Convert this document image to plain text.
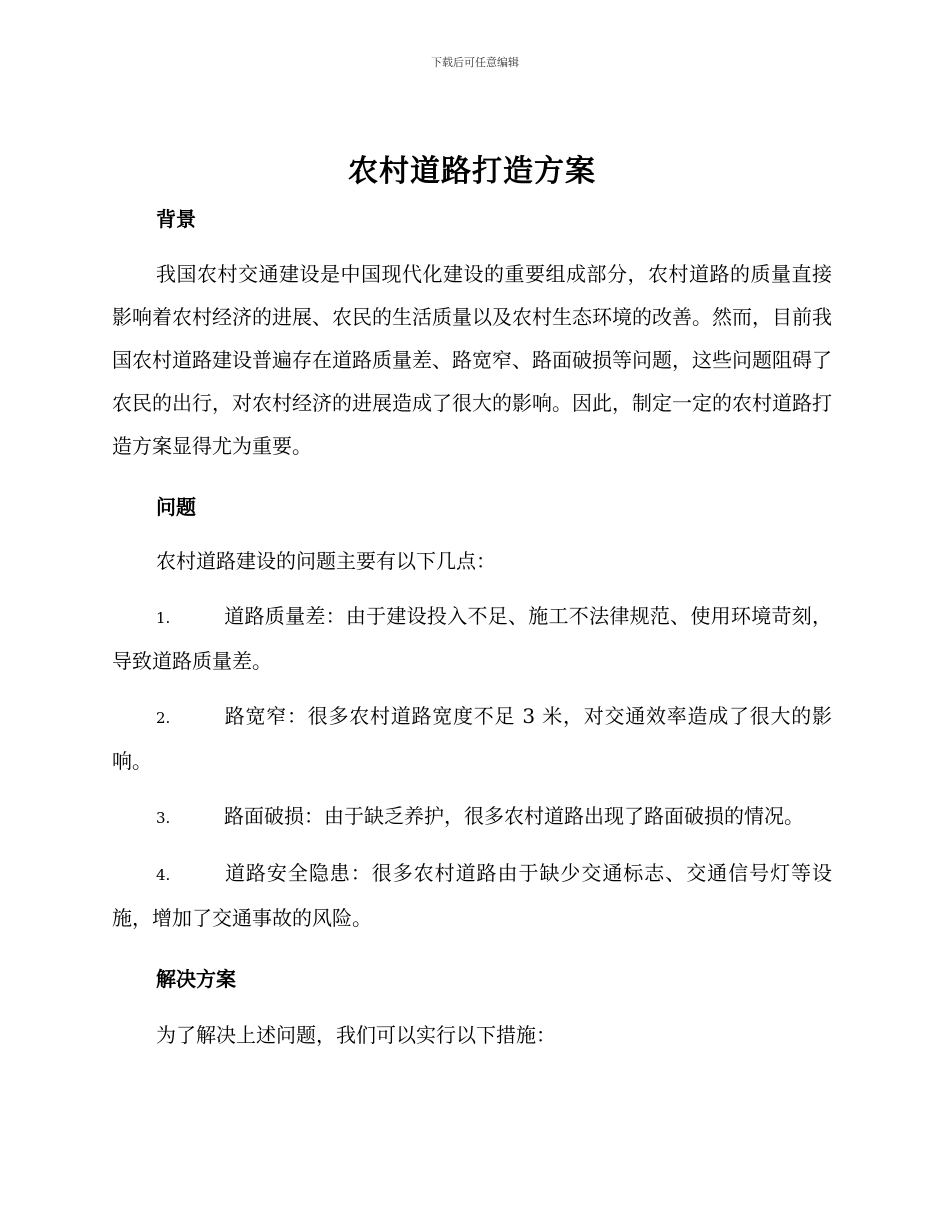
下载后可任意编辑
农村道路打造方案
背景

我国农村交通建设是中国现代化建设的重要组成部分，农村道路的质量直接影响着农村经济的进展、农民的生活质量以及农村生态环境的改善。然而，目前我国农村道路建设普遍存在道路质量差、路宽窄、路面破损等问题，这些问题阻碍了农民的出行，对农村经济的进展造成了很大的影响。因此，制定一定的农村道路打造方案显得尤为重要。

问题

农村道路建设的问题主要有以下几点：

1.	道路质量差：由于建设投入不足、施工不法律规范、使用环境苛刻，导致道路质量差。

2.	路宽窄：很多农村道路宽度不足 3 米，对交通效率造成了很大的影响。

3.	路面破损：由于缺乏养护，很多农村道路出现了路面破损的情况。

4.	道路安全隐患：很多农村道路由于缺少交通标志、交通信号灯等设施，增加了交通事故的风险。

解决方案

为了解决上述问题，我们可以实行以下措施：
